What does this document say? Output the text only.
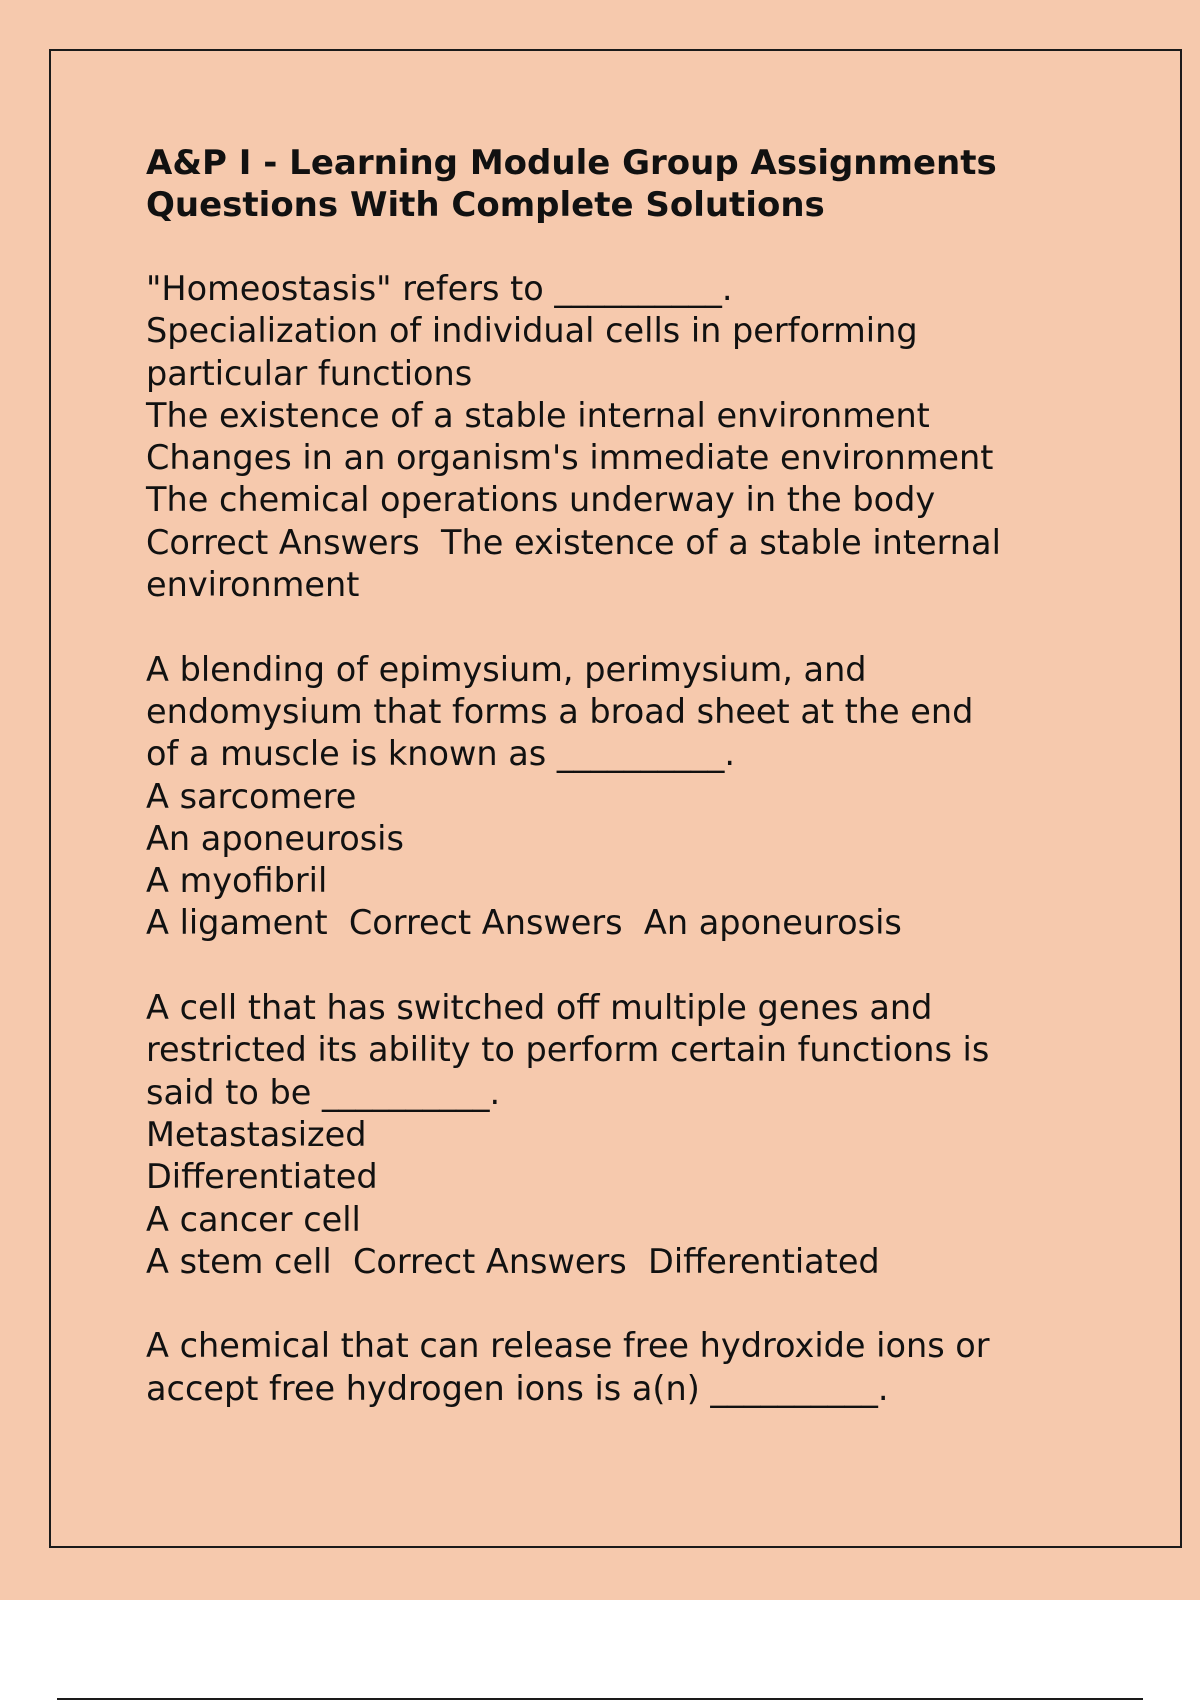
A&P I - Learning Module Group Assignments
Questions With Complete Solutions
"Homeostasis" refers to __________.
Specialization of individual cells in performing
particular functions
The existence of a stable internal environment
Changes in an organism's immediate environment
The chemical operations underway in the body
Correct Answers  The existence of a stable internal
environment
A blending of epimysium, perimysium, and
endomysium that forms a broad sheet at the end
of a muscle is known as __________.
A sarcomere
An aponeurosis
A myofibril
A ligament  Correct Answers  An aponeurosis
A cell that has switched off multiple genes and
restricted its ability to perform certain functions is
said to be __________.
Metastasized
Differentiated
A cancer cell
A stem cell  Correct Answers  Differentiated
A chemical that can release free hydroxide ions or
accept free hydrogen ions is a(n) __________.
